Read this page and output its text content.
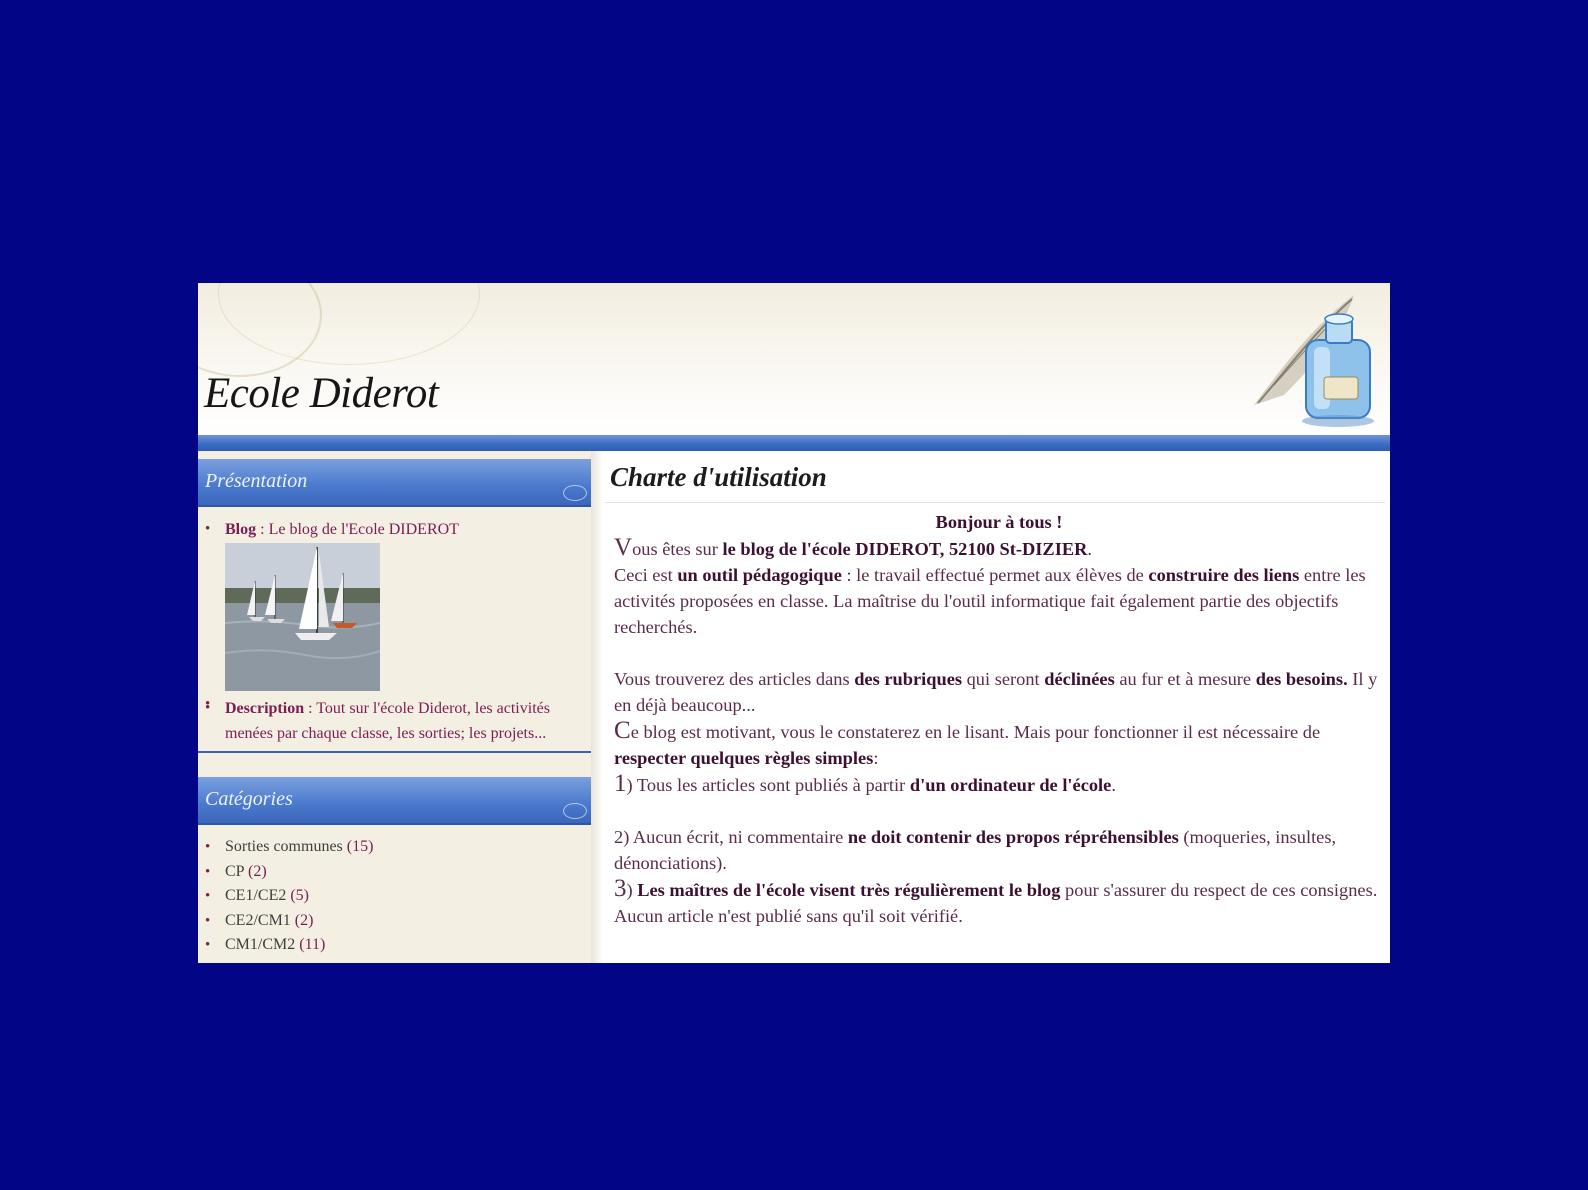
Ecole Diderot
Présentation
• Blog : Le blog de l'Ecole DIDEROT
•
• Description : Tout sur l'école Diderot, les activités menées par chaque classe, les sorties; les projets...
Catégories
• Sorties communes (15)
• CP (2)
• CE1/CE2 (5)
• CE2/CM1 (2)
• CM1/CM2 (11)
Charte d'utilisation

Bonjour à tous !

Vous êtes sur le blog de l'école DIDEROT, 52100 St-DIZIER.

Ceci est un outil pédagogique : le travail effectué permet aux élèves de construire des liens entre les activités proposées en classe. La maîtrise du l'outil informatique fait également partie des objectifs recherchés.

Vous trouverez des articles dans des rubriques qui seront déclinées au fur et à mesure des besoins. Il y en déjà beaucoup...

Ce blog est motivant, vous le constaterez en le lisant. Mais pour fonctionner il est nécessaire de respecter quelques règles simples:

1) Tous les articles sont publiés à partir d'un ordinateur de l'école.

2) Aucun écrit, ni commentaire ne doit contenir des propos répréhensibles (moqueries, insultes, dénonciations).

3) Les maîtres de l'école visent très régulièrement le blog pour s'assurer du respect de ces consignes. Aucun article n'est publié sans qu'il soit vérifié.
